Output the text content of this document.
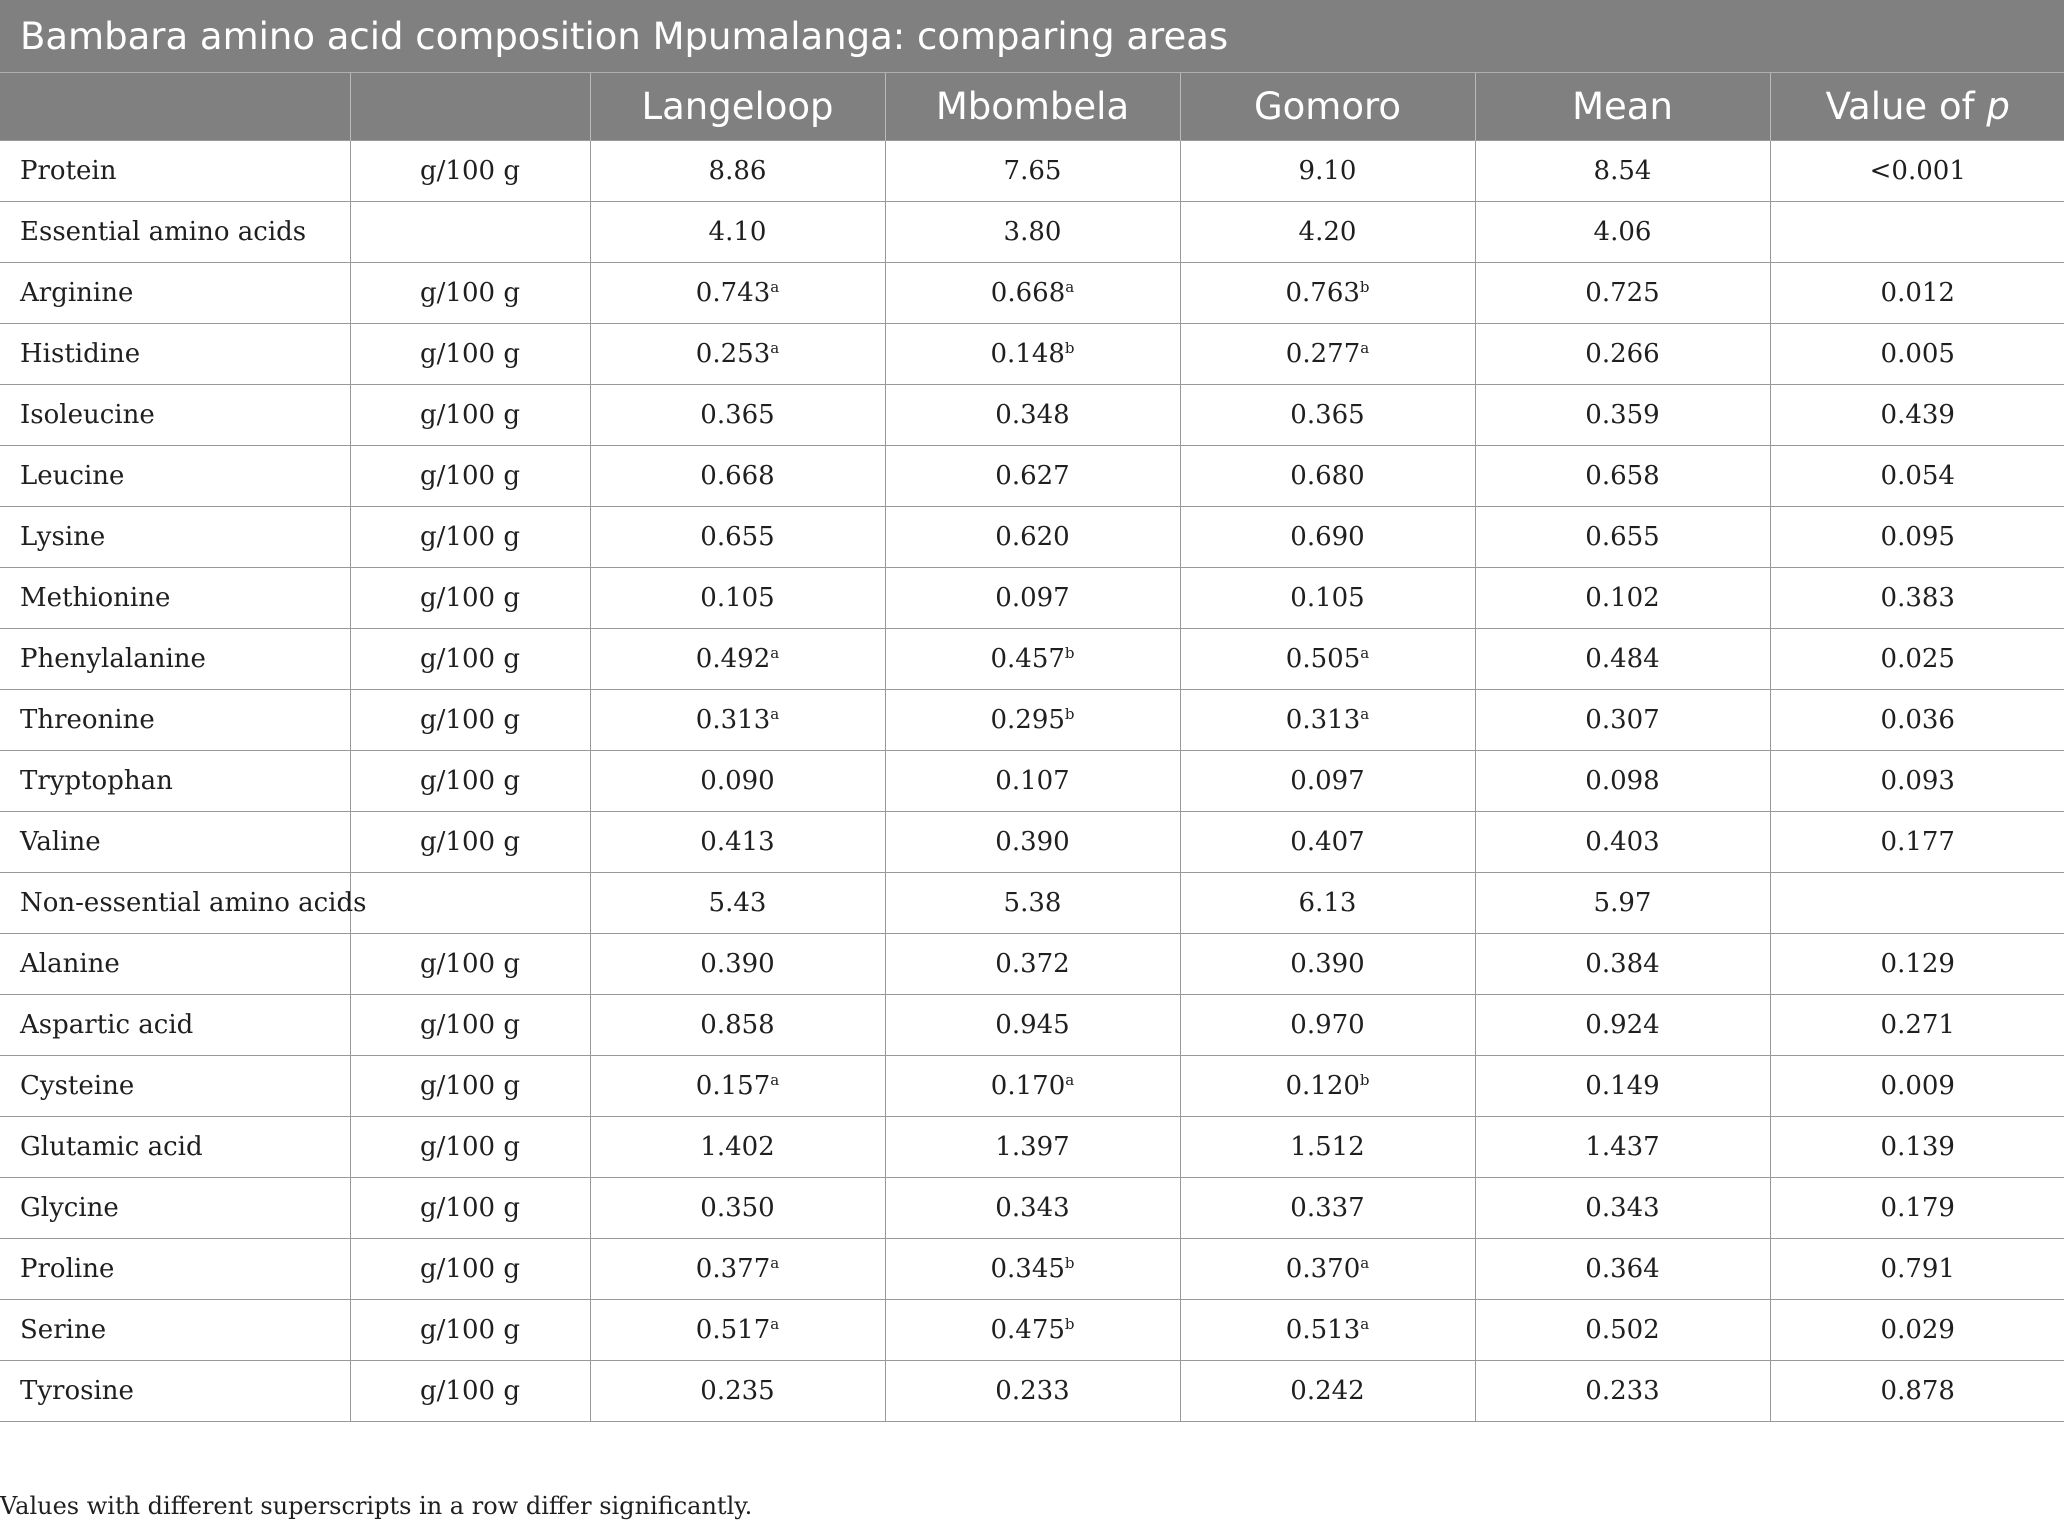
Bambara amino acid composition Mpumalanga: comparing areas
		Langeloop	Mbombela	Gomoro	Mean	Value of p
Protein	g/100 g	8.86	7.65	9.10	8.54	<0.001
Essential amino acids		4.10	3.80	4.20	4.06	
Arginine	g/100 g	0.743$^a$	0.668$^a$	0.763$^b$	0.725	0.012
Histidine	g/100 g	0.253$^a$	0.148$^b$	0.277$^a$	0.266	0.005
Isoleucine	g/100 g	0.365	0.348	0.365	0.359	0.439
Leucine	g/100 g	0.668	0.627	0.680	0.658	0.054
Lysine	g/100 g	0.655	0.620	0.690	0.655	0.095
Methionine	g/100 g	0.105	0.097	0.105	0.102	0.383
Phenylalanine	g/100 g	0.492$^a$	0.457$^b$	0.505$^a$	0.484	0.025
Threonine	g/100 g	0.313$^a$	0.295$^b$	0.313$^a$	0.307	0.036
Tryptophan	g/100 g	0.090	0.107	0.097	0.098	0.093
Valine	g/100 g	0.413	0.390	0.407	0.403	0.177
Non-essential amino acids		5.43	5.38	6.13	5.97	
Alanine	g/100 g	0.390	0.372	0.390	0.384	0.129
Aspartic acid	g/100 g	0.858	0.945	0.970	0.924	0.271
Cysteine	g/100 g	0.157$^a$	0.170$^a$	0.120$^b$	0.149	0.009
Glutamic acid	g/100 g	1.402	1.397	1.512	1.437	0.139
Glycine	g/100 g	0.350	0.343	0.337	0.343	0.179
Proline	g/100 g	0.377$^a$	0.345$^b$	0.370$^a$	0.364	0.791
Serine	g/100 g	0.517$^a$	0.475$^b$	0.513$^a$	0.502	0.029
Tyrosine	g/100 g	0.235	0.233	0.242	0.233	0.878
Values with different superscripts in a row differ significantly.
